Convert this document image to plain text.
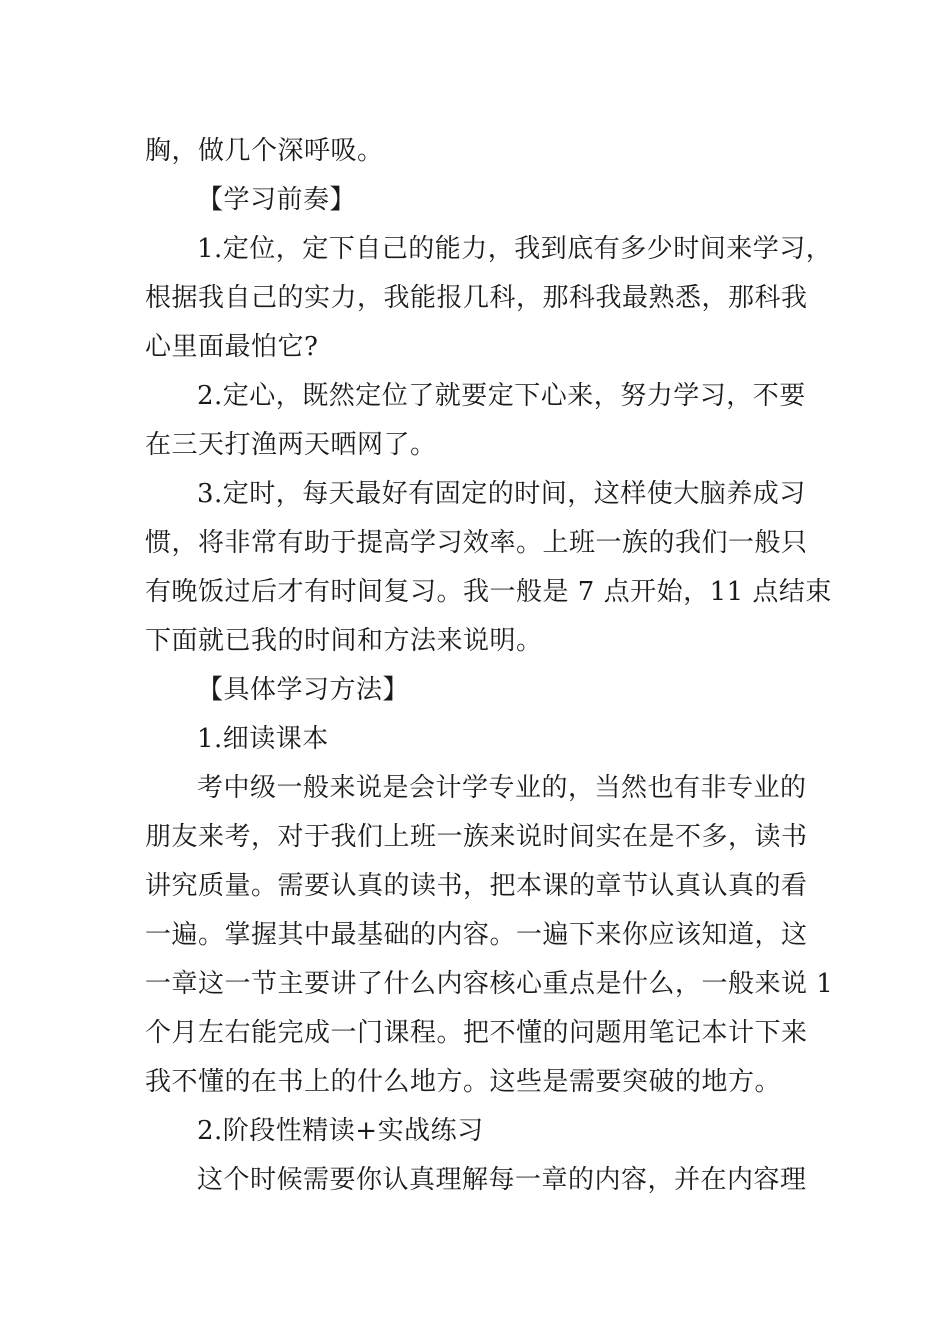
胸，做几个深呼吸。
【学习前奏】
1.定位，定下自己的能力，我到底有多少时间来学习，
根据我自己的实力，我能报几科，那科我最熟悉，那科我
心里面最怕它?
2.定心，既然定位了就要定下心来，努力学习，不要
在三天打渔两天晒网了。
3.定时，每天最好有固定的时间，这样使大脑养成习
惯，将非常有助于提高学习效率。上班一族的我们一般只
有晚饭过后才有时间复习。我一般是 7 点开始，11 点结束
下面就已我的时间和方法来说明。
【具体学习方法】
1.细读课本
考中级一般来说是会计学专业的，当然也有非专业的
朋友来考，对于我们上班一族来说时间实在是不多，读书
讲究质量。需要认真的读书，把本课的章节认真认真的看
一遍。掌握其中最基础的内容。一遍下来你应该知道，这
一章这一节主要讲了什么内容核心重点是什么，一般来说 1
个月左右能完成一门课程。把不懂的问题用笔记本计下来
我不懂的在书上的什么地方。这些是需要突破的地方。
2.阶段性精读+实战练习
这个时候需要你认真理解每一章的内容，并在内容理
